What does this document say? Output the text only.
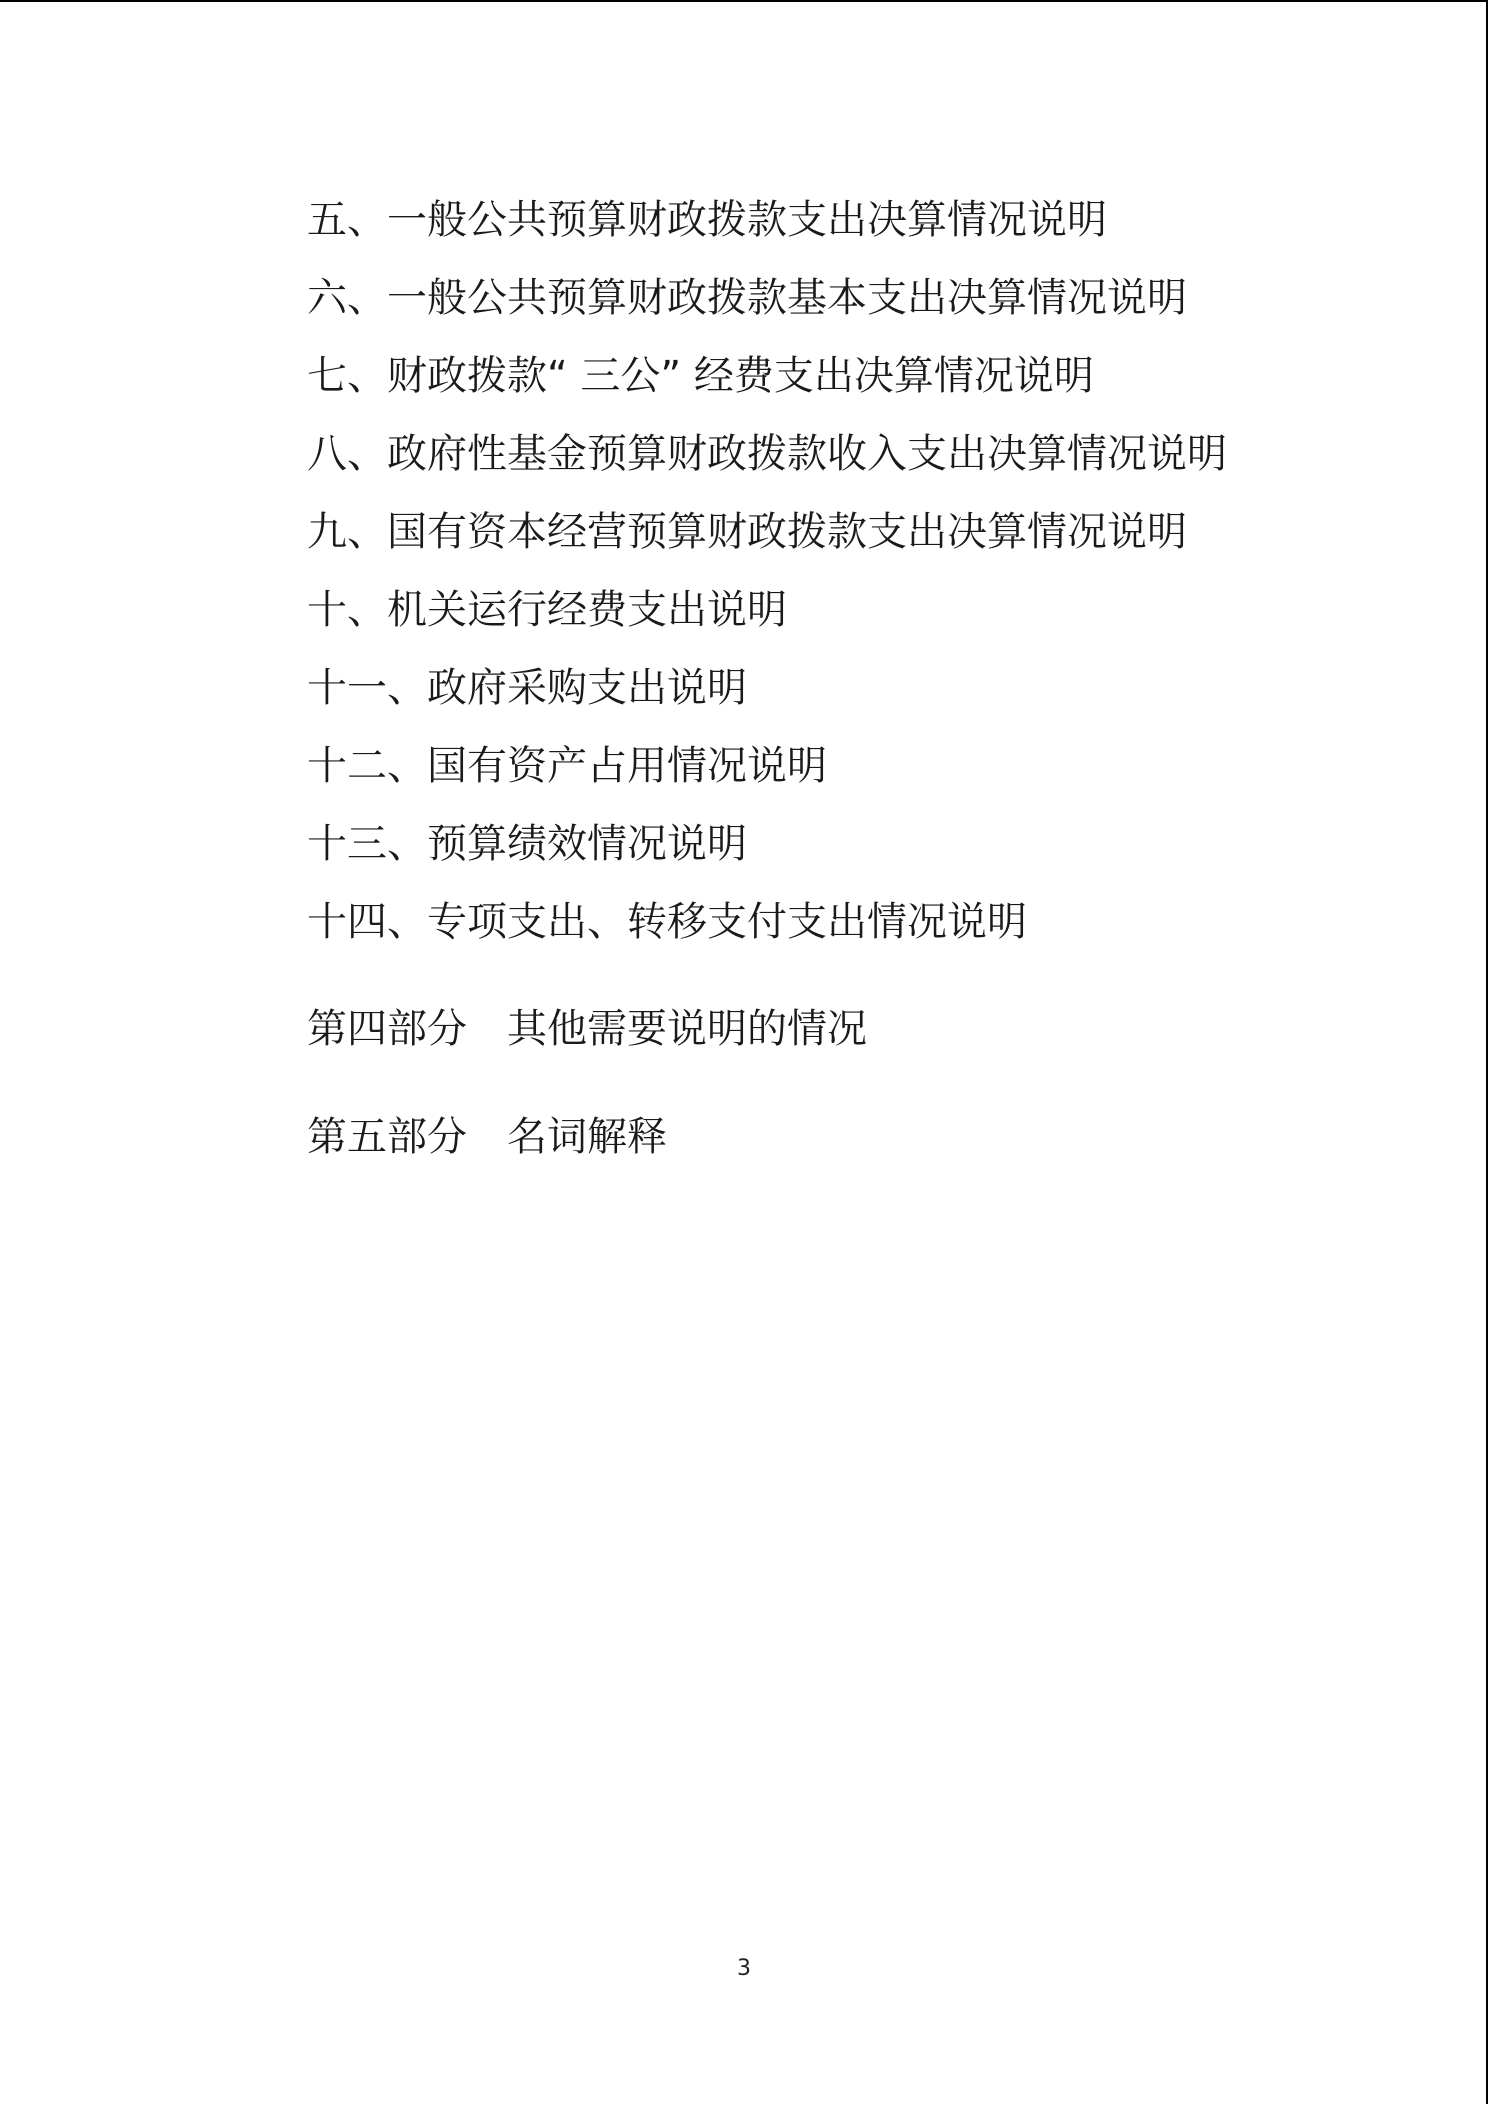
五、一般公共预算财政拨款支出决算情况说明
六、一般公共预算财政拨款基本支出决算情况说明
七、财政拨款“ 三公” 经费支出决算情况说明
八、政府性基金预算财政拨款收入支出决算情况说明
九、国有资本经营预算财政拨款支出决算情况说明
十、机关运行经费支出说明
十一、政府采购支出说明
十二、国有资产占用情况说明
十三、预算绩效情况说明
十四、专项支出、转移支付支出情况说明
第四部分　其他需要说明的情况
第五部分　名词解释
3
